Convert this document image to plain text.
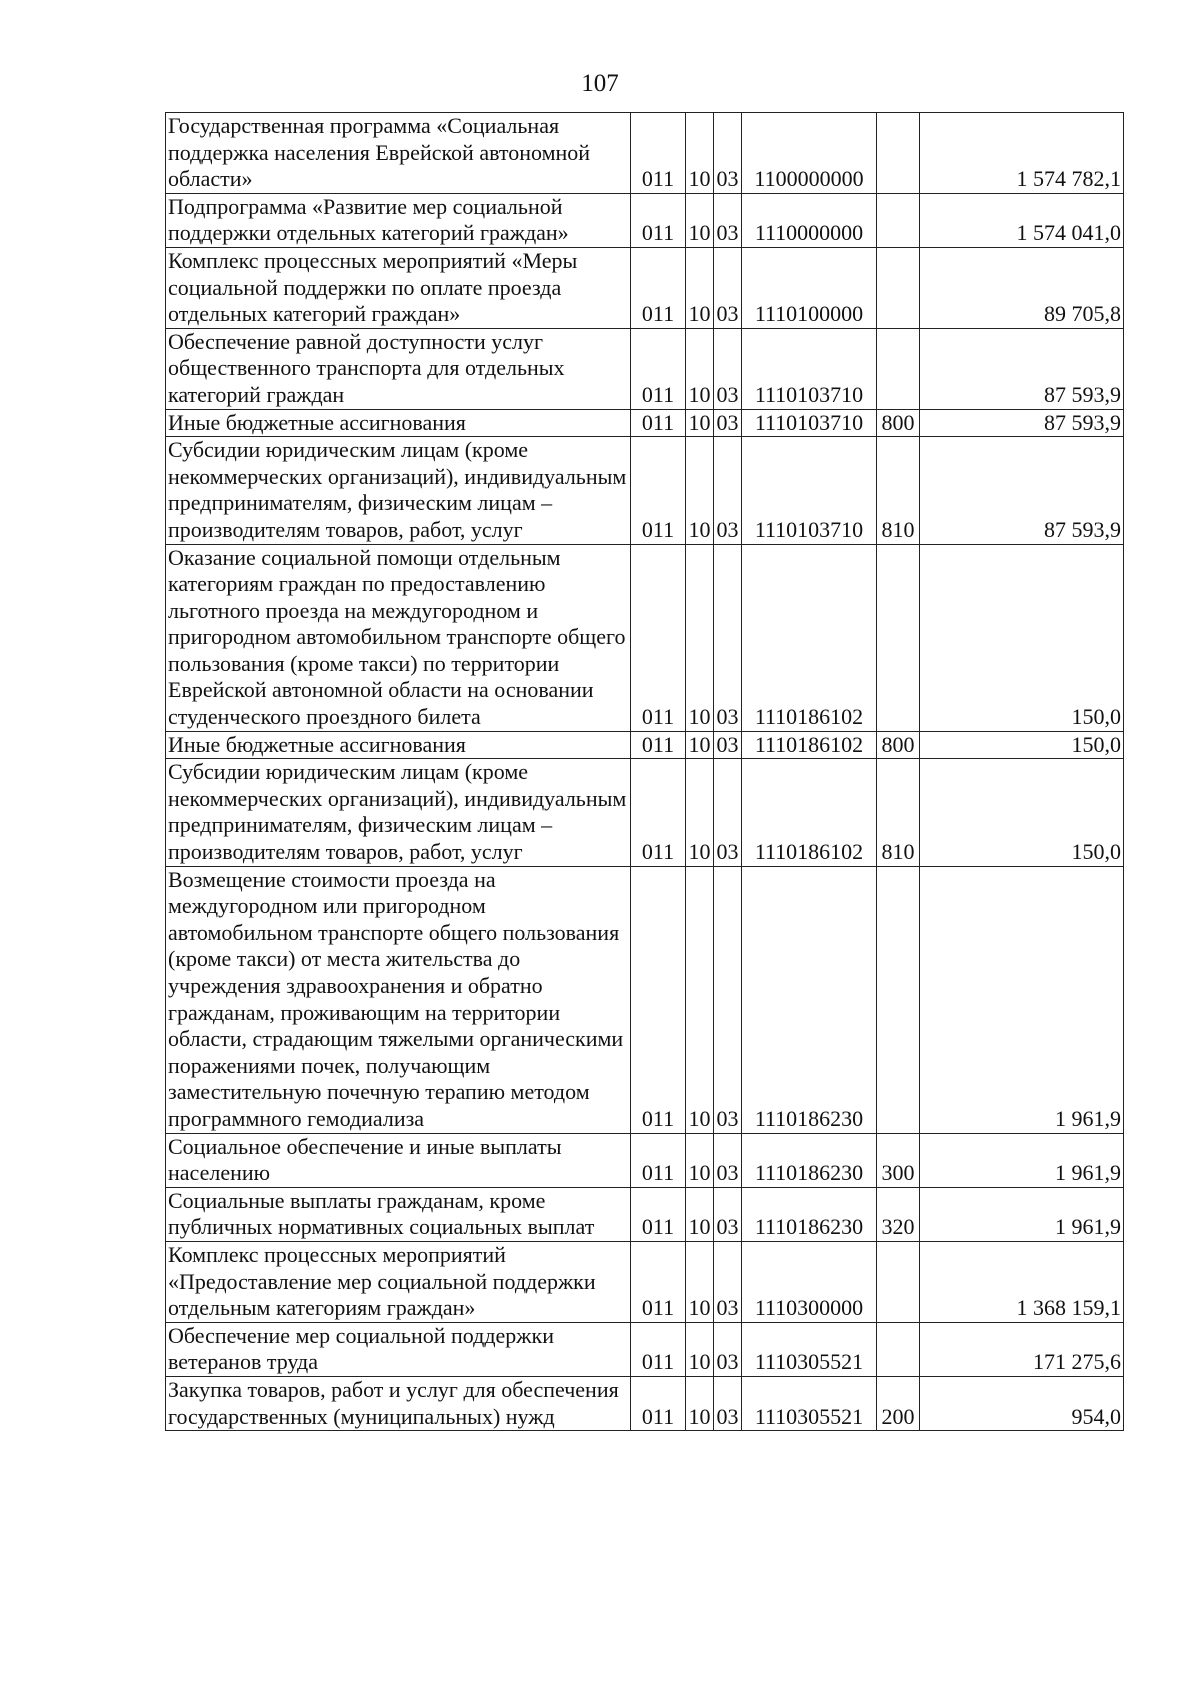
107
Государственная программа «Социальная поддержка населения Еврейской автономной области»	011	10	03	1100000000		1 574 782,1
Подпрограмма «Развитие мер социальной поддержки отдельных категорий граждан»	011	10	03	1110000000		1 574 041,0
Комплекс процессных мероприятий «Меры социальной поддержки по оплате проезда отдельных категорий граждан»	011	10	03	1110100000		89 705,8
Обеспечение равной доступности услуг общественного транспорта для отдельных категорий граждан	011	10	03	1110103710		87 593,9
Иные бюджетные ассигнования	011	10	03	1110103710	800	87 593,9
Субсидии юридическим лицам (кроме некоммерческих организаций), индивидуальным предпринимателям, физическим лицам – производителям товаров, работ, услуг	011	10	03	1110103710	810	87 593,9
Оказание социальной помощи отдельным категориям граждан по предоставлению льготного проезда на междугородном и пригородном автомобильном транспорте общего пользования (кроме такси) по территории Еврейской автономной области на основании студенческого проездного билета	011	10	03	1110186102		150,0
Иные бюджетные ассигнования	011	10	03	1110186102	800	150,0
Субсидии юридическим лицам (кроме некоммерческих организаций), индивидуальным предпринимателям, физическим лицам – производителям товаров, работ, услуг	011	10	03	1110186102	810	150,0
Возмещение стоимости проезда на междугородном или пригородном автомобильном транспорте общего пользования (кроме такси) от места жительства до учреждения здравоохранения и обратно гражданам, проживающим на территории области, страдающим тяжелыми органическими поражениями почек, получающим заместительную почечную терапию методом программного гемодиализа	011	10	03	1110186230		1 961,9
Социальное обеспечение и иные выплаты населению	011	10	03	1110186230	300	1 961,9
Социальные выплаты гражданам, кроме публичных нормативных социальных выплат	011	10	03	1110186230	320	1 961,9
Комплекс процессных мероприятий «Предоставление мер социальной поддержки отдельным категориям граждан»	011	10	03	1110300000		1 368 159,1
Обеспечение мер социальной поддержки ветеранов труда	011	10	03	1110305521		171 275,6
Закупка товаров, работ и услуг для обеспечения государственных (муниципальных) нужд	011	10	03	1110305521	200	954,0
